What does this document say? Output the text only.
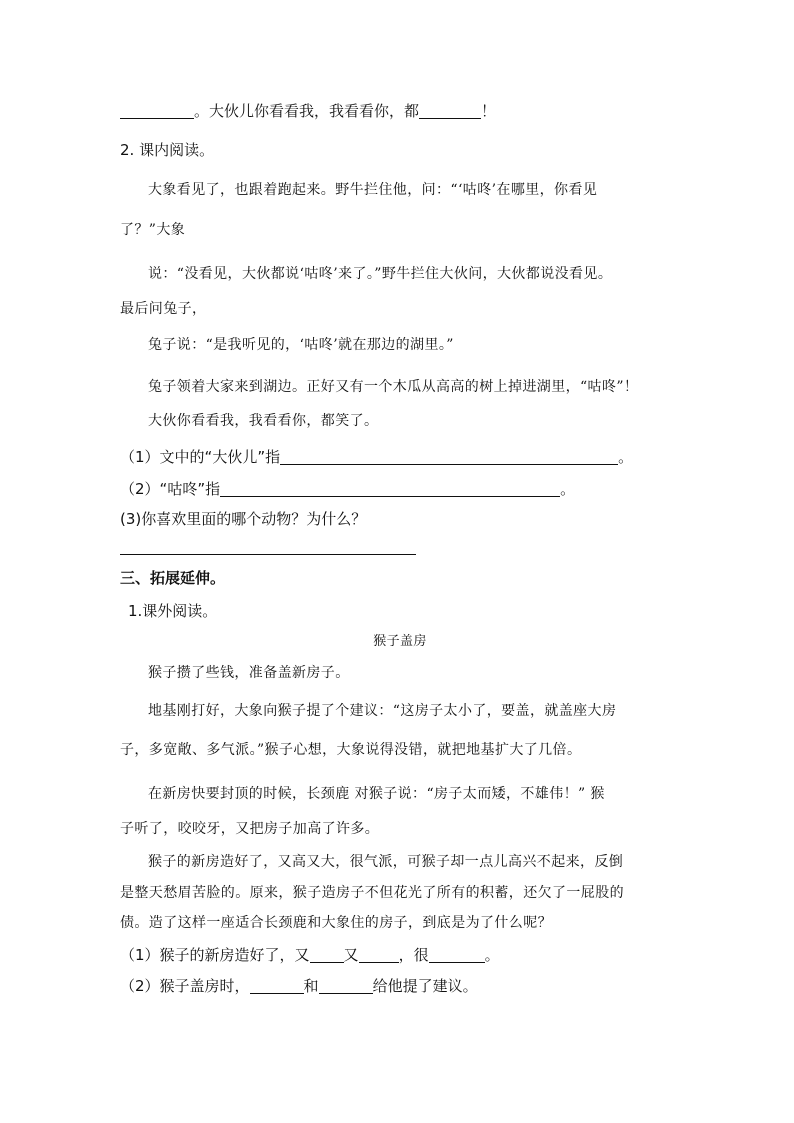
。大伙儿你看看我，我看看你，都	！
2. 课内阅读。
大象看见了，也跟着跑起来。野牛拦住他，问：“‘咕咚’在哪里，你看见
了？”大象
说：“没看见，大伙都说‘咕咚’来了。”野牛拦住大伙问，大伙都说没看见。
最后问兔子，
兔子说：“是我听见的，‘咕咚’就在那边的湖里。”
兔子领着大家来到湖边。正好又有一个木瓜从高高的树上掉进湖里，“咕咚”！
大伙你看看我，我看看你，都笑了。
（1）文中的“大伙儿”指	。
（2）“咕咚”指	。
(3)你喜欢里面的哪个动物？为什么？
三、拓展延伸。
1.课外阅读。
猴子盖房
猴子攒了些钱，准备盖新房子。
地基刚打好，大象向猴子提了个建议：“这房子太小了，要盖，就盖座大房
子，多宽敞、多气派。”猴子心想，大象说得没错，就把地基扩大了几倍。
在新房快要封顶的时候，长颈鹿 对猴子说：“房子太而矮，不雄伟！” 猴
子听了，咬咬牙，又把房子加高了许多。
猴子的新房造好了，又高又大，很气派，可猴子却一点儿高兴不起来，反倒
是整天愁眉苦脸的。原来，猴子造房子不但花光了所有的积蓄，还欠了一屁股的
债。造了这样一座适合长颈鹿和大象住的房子，到底是为了什么呢？
（1）猴子的新房造好了，又 又	，很	。
（2）猴子盖房时，	和	给他提了建议。
